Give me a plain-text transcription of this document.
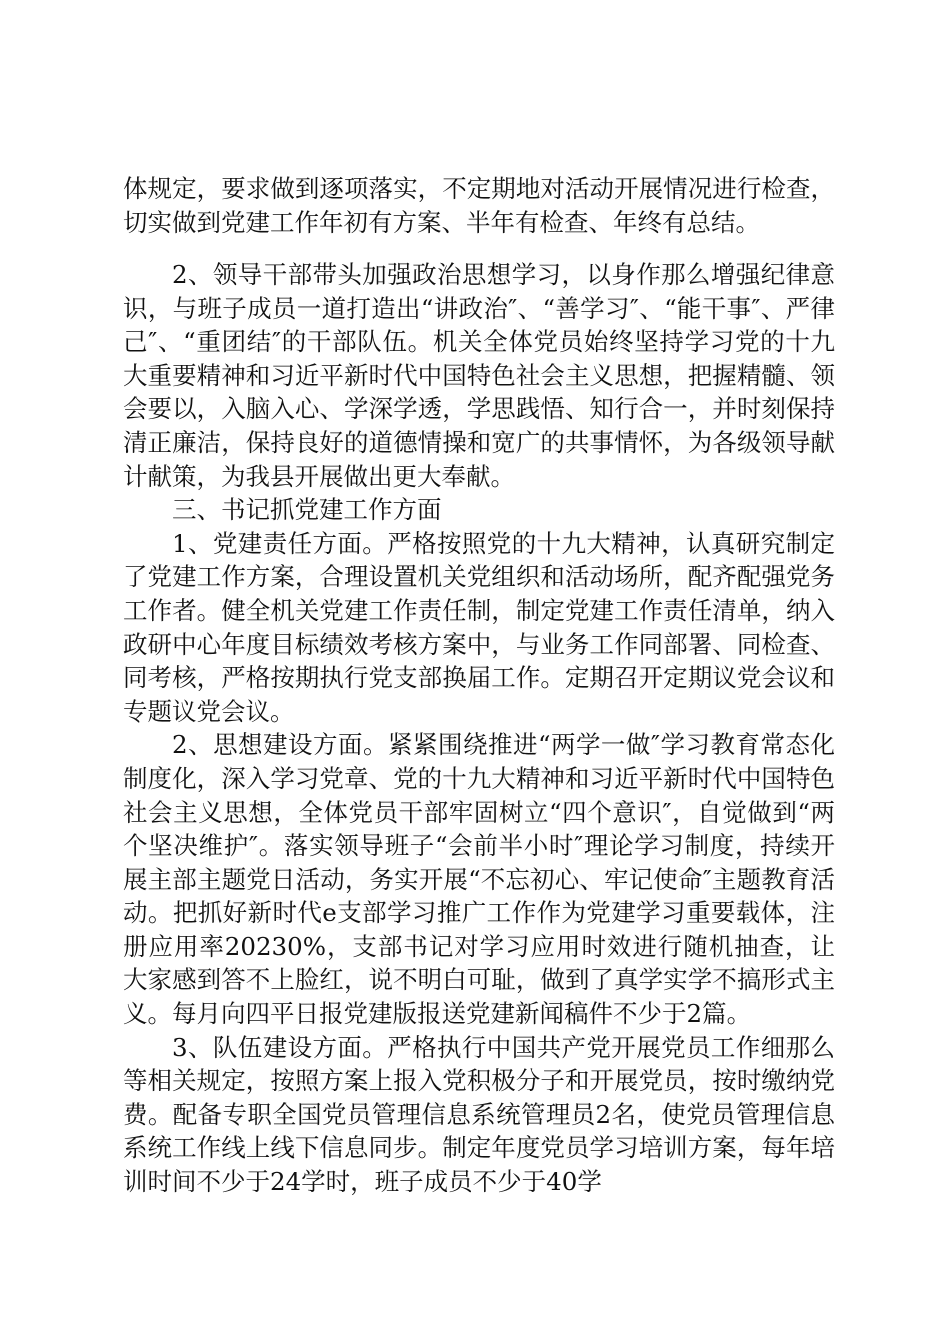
体规定，要求做到逐项落实，不定期地对活动开展情况进行检查，切实做到党建工作年初有方案、半年有检查、年终有总结。

2、领导干部带头加强政治思想学习，以身作那么增强纪律意识，与班子成员一道打造出“讲政治″、“善学习″、“能干事″、严律己″、“重团结″的干部队伍。机关全体党员始终坚持学习党的十九大重要精神和习近平新时代中国特色社会主义思想，把握精髓、领会要以，入脑入心、学深学透，学思践悟、知行合一，并时刻保持清正廉洁，保持良好的道德情操和宽广的共事情怀，为各级领导献计献策，为我县开展做出更大奉献。

三、书记抓党建工作方面

1、党建责任方面。严格按照党的十九大精神，认真研究制定了党建工作方案，合理设置机关党组织和活动场所，配齐配强党务工作者。健全机关党建工作责任制，制定党建工作责任清单，纳入政研中心年度目标绩效考核方案中，与业务工作同部署、同检查、同考核，严格按期执行党支部换届工作。定期召开定期议党会议和专题议党会议。

2、思想建设方面。紧紧围绕推进“两学一做″学习教育常态化制度化，深入学习党章、党的十九大精神和习近平新时代中国特色社会主义思想，全体党员干部牢固树立“四个意识″，自觉做到“两个坚决维护″。落实领导班子“会前半小时″理论学习制度，持续开展主部主题党日活动，务实开展“不忘初心、牢记使命″主题教育活动。把抓好新时代e支部学习推广工作作为党建学习重要载体，注册应用率20230%，支部书记对学习应用时效进行随机抽查，让大家感到答不上脸红，说不明白可耻，做到了真学实学不搞形式主义。每月向四平日报党建版报送党建新闻稿件不少于2篇。

3、队伍建设方面。严格执行中国共产党开展党员工作细那么等相关规定，按照方案上报入党积极分子和开展党员，按时缴纳党费。配备专职全国党员管理信息系统管理员2名，使党员管理信息系统工作线上线下信息同步。制定年度党员学习培训方案，每年培训时间不少于24学时，班子成员不少于40学
